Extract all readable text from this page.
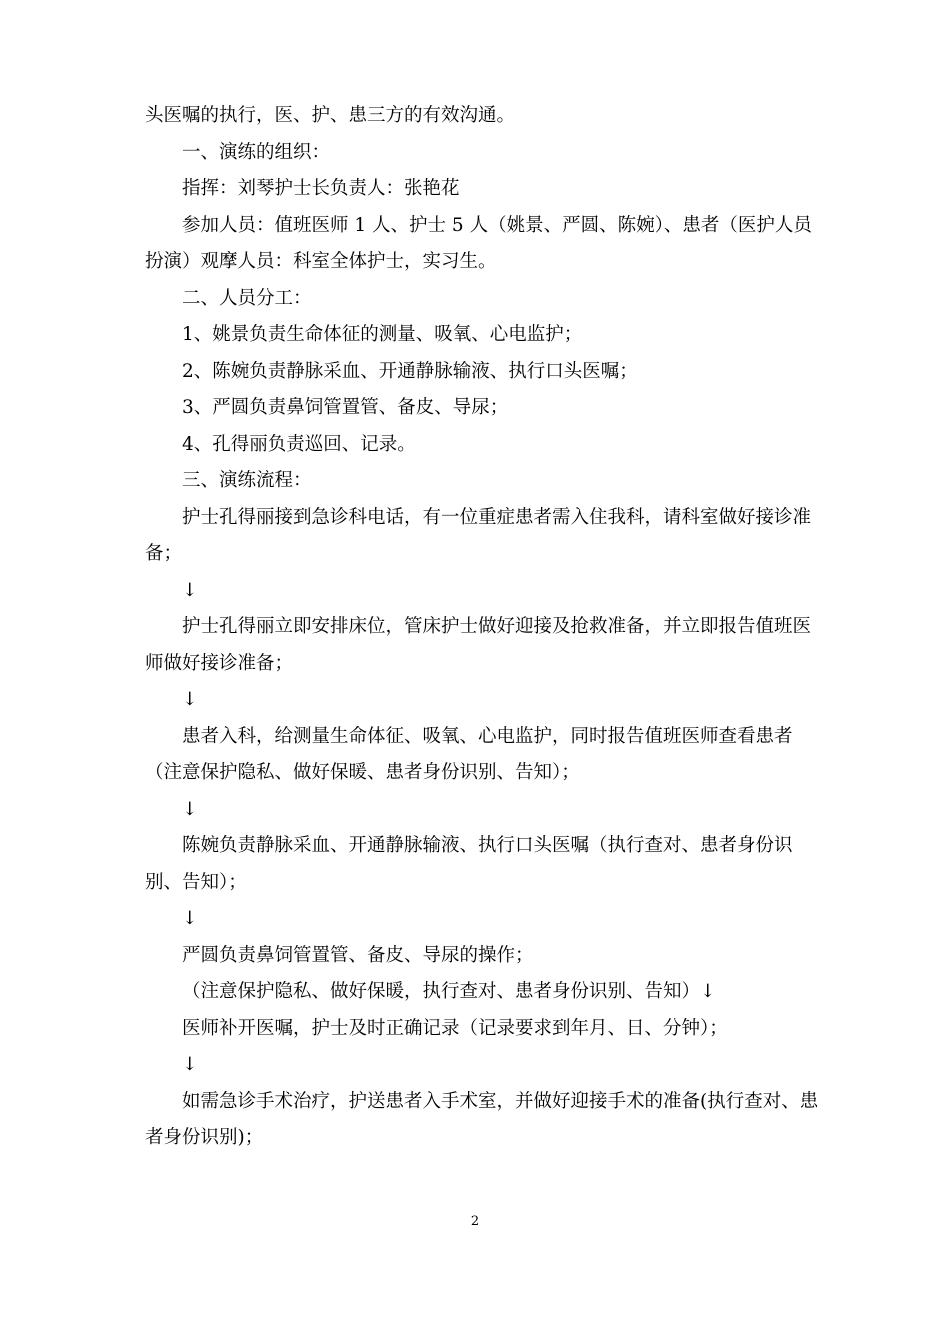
头医嘱的执行，医、护、患三方的有效沟通。

一、演练的组织：

指挥：刘琴护士长负责人：张艳花

参加人员：值班医师 1 人、护士 5 人（姚景、严圆、陈婉）、患者（医护人员扮演）观摩人员：科室全体护士，实习生。

二、人员分工：

1、姚景负责生命体征的测量、吸氧、心电监护；

2、陈婉负责静脉采血、开通静脉输液、执行口头医嘱；

3、严圆负责鼻饲管置管、备皮、导尿；

4、孔得丽负责巡回、记录。

三、演练流程：

护士孔得丽接到急诊科电话，有一位重症患者需入住我科，请科室做好接诊准备；

↓

护士孔得丽立即安排床位，管床护士做好迎接及抢救准备，并立即报告值班医师做好接诊准备；

↓

患者入科，给测量生命体征、吸氧、心电监护，同时报告值班医师查看患者（注意保护隐私、做好保暖、患者身份识别、告知）；

↓

陈婉负责静脉采血、开通静脉输液、执行口头医嘱（执行查对、患者身份识别、告知）；

↓

严圆负责鼻饲管置管、备皮、导尿的操作；

（注意保护隐私、做好保暖，执行查对、患者身份识别、告知）↓

医师补开医嘱，护士及时正确记录（记录要求到年月、日、分钟）；

↓

如需急诊手术治疗，护送患者入手术室，并做好迎接手术的准备(执行查对、患者身份识别)；

2
